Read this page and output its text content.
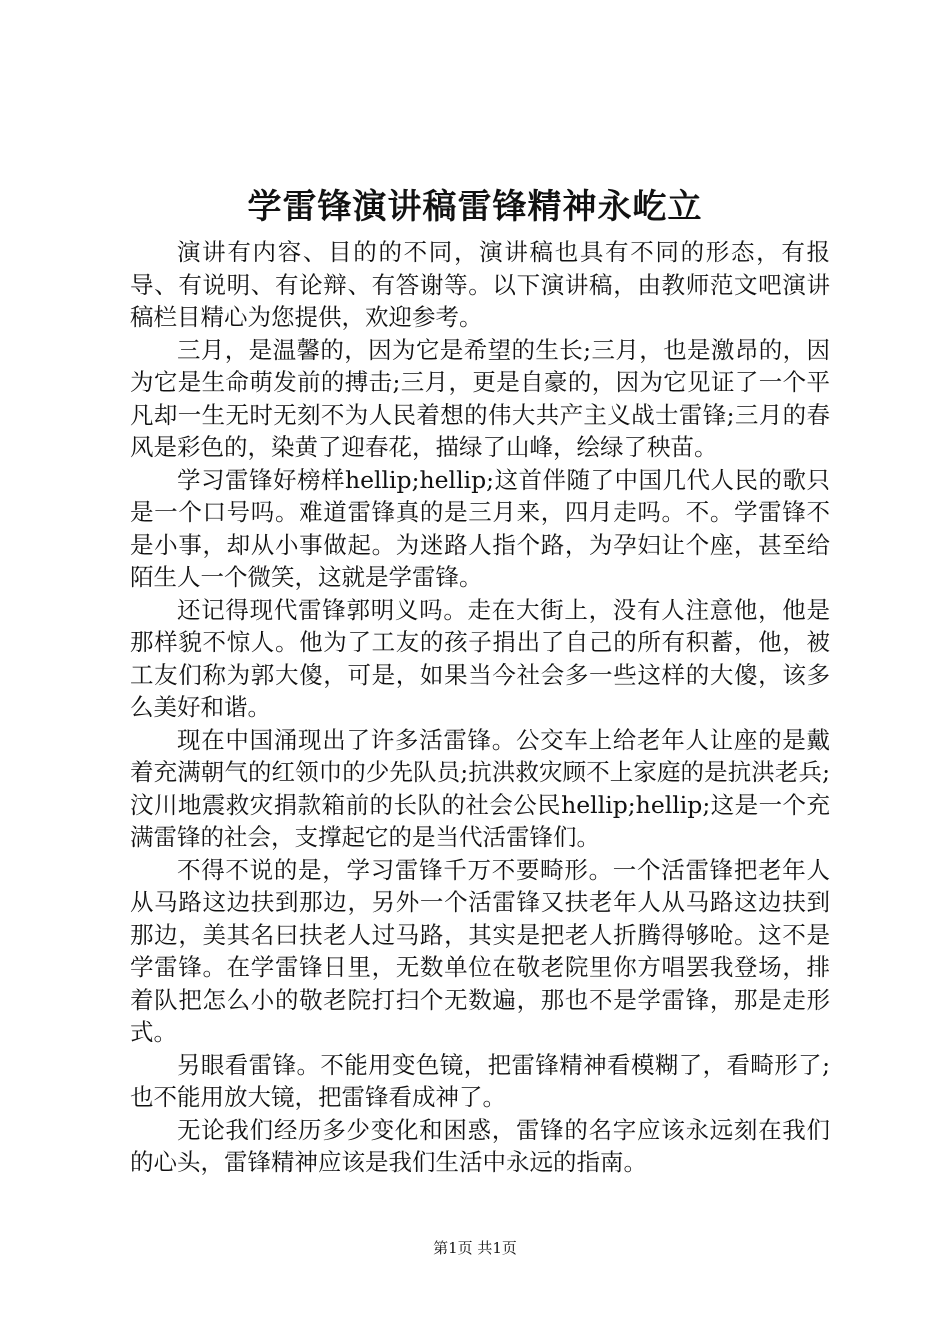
学雷锋演讲稿雷锋精神永屹立

演讲有内容、目的的不同，演讲稿也具有不同的形态，有报导、有说明、有论辩、有答谢等。以下演讲稿，由教师范文吧演讲稿栏目精心为您提供，欢迎参考。

三月，是温馨的，因为它是希望的生长;三月，也是激昂的，因为它是生命萌发前的搏击;三月，更是自豪的，因为它见证了一个平凡却一生无时无刻不为人民着想的伟大共产主义战士雷锋;三月的春风是彩色的，染黄了迎春花，描绿了山峰，绘绿了秧苗。

学习雷锋好榜样hellip;hellip;这首伴随了中国几代人民的歌只是一个口号吗。难道雷锋真的是三月来，四月走吗。不。学雷锋不是小事，却从小事做起。为迷路人指个路，为孕妇让个座，甚至给陌生人一个微笑，这就是学雷锋。

还记得现代雷锋郭明义吗。走在大街上，没有人注意他，他是那样貌不惊人。他为了工友的孩子捐出了自己的所有积蓄，他，被工友们称为郭大傻，可是，如果当今社会多一些这样的大傻，该多么美好和谐。

现在中国涌现出了许多活雷锋。公交车上给老年人让座的是戴着充满朝气的红领巾的少先队员;抗洪救灾顾不上家庭的是抗洪老兵;汶川地震救灾捐款箱前的长队的社会公民hellip;hellip;这是一个充满雷锋的社会，支撑起它的是当代活雷锋们。

不得不说的是，学习雷锋千万不要畸形。一个活雷锋把老年人从马路这边扶到那边，另外一个活雷锋又扶老年人从马路这边扶到那边，美其名曰扶老人过马路，其实是把老人折腾得够呛。这不是学雷锋。在学雷锋日里，无数单位在敬老院里你方唱罢我登场，排着队把怎么小的敬老院打扫个无数遍，那也不是学雷锋，那是走形式。

另眼看雷锋。不能用变色镜，把雷锋精神看模糊了，看畸形了;也不能用放大镜，把雷锋看成神了。

无论我们经历多少变化和困惑，雷锋的名字应该永远刻在我们的心头，雷锋精神应该是我们生活中永远的指南。

第1页 共1页
